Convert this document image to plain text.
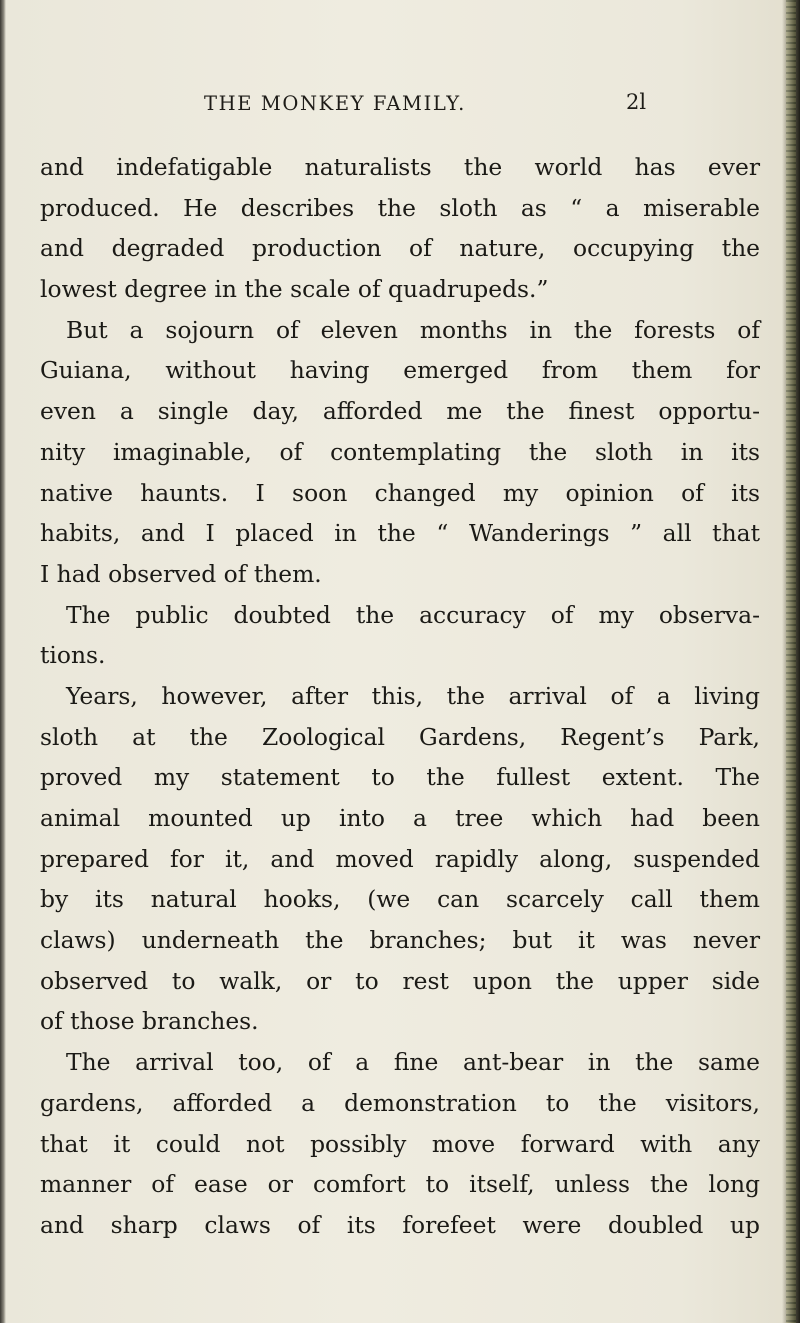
THE MONKEY FAMILY.	2l
and indefatigable naturalists the world has ever
produced. He describes the sloth as “ a miserable
and degraded production of nature, occupying the
lowest degree in the scale of quadrupeds.”
But a sojourn of eleven months in the forests of
Guiana, without having emerged from them for
even a single day, afforded me the finest opportu-
nity imaginable, of contemplating the sloth in its
native haunts. I soon changed my opinion of its
habits, and I placed in the “ Wanderings ” all that
I had observed of them.
The public doubted the accuracy of my observa-
tions.
Years, however, after this, the arrival of a living
sloth at the Zoological Gardens, Regent’s Park,
proved my statement to the fullest extent. The
animal mounted up into a tree which had been
prepared for it, and moved rapidly along, suspended
by its natural hooks, (we can scarcely call them
claws) underneath the branches; but it was never
observed to walk, or to rest upon the upper side
of those branches.
The arrival too, of a fine ant-bear in the same
gardens, afforded a demonstration to the visitors,
that it could not possibly move forward with any
manner of ease or comfort to itself, unless the long
and sharp claws of its forefeet were doubled up
